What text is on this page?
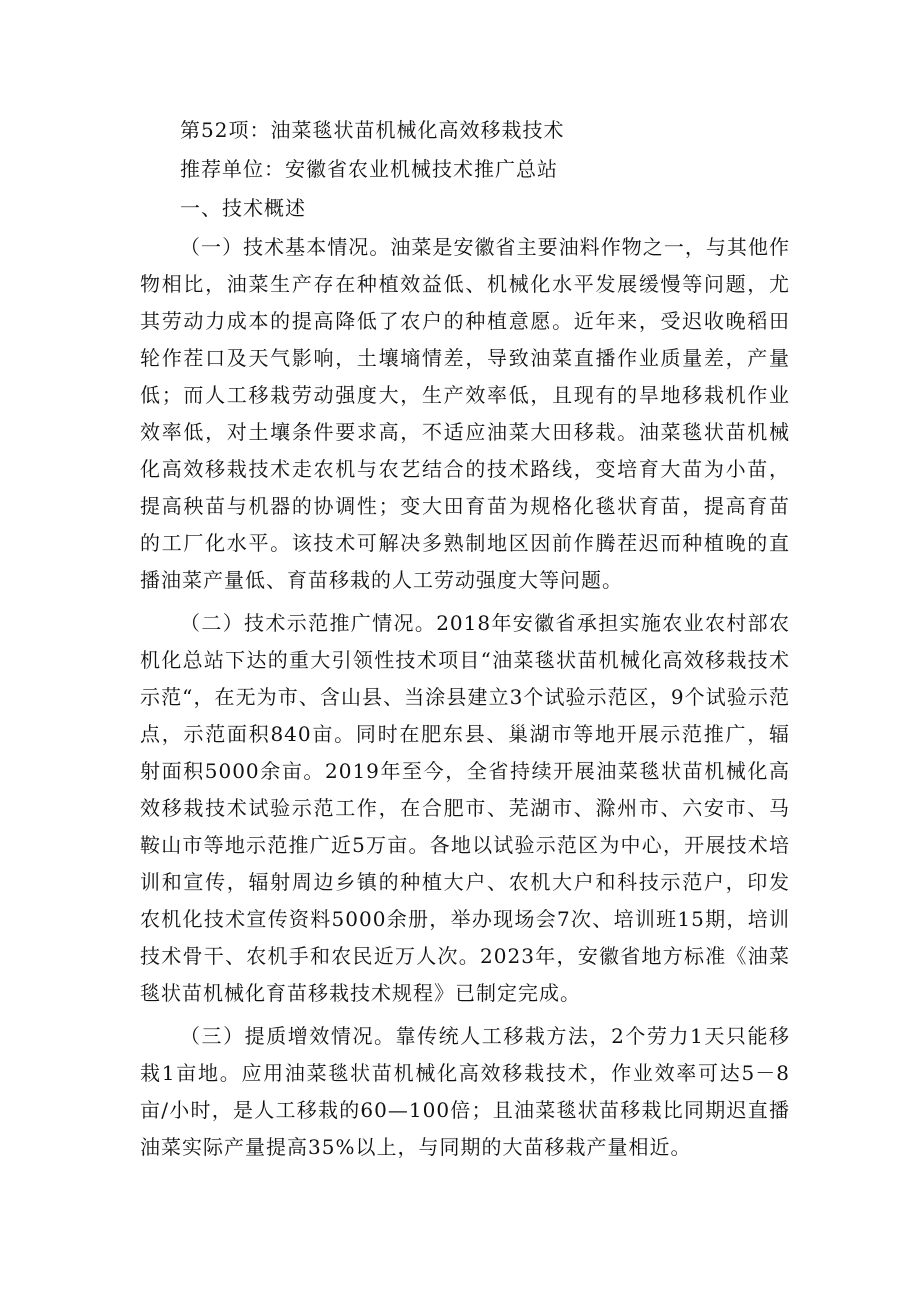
第52项：油菜毯状苗机械化高效移栽技术

推荐单位：安徽省农业机械技术推广总站

一、技术概述

（一）技术基本情况。油菜是安徽省主要油料作物之一，与其他作物相比，油菜生产存在种植效益低、机械化水平发展缓慢等问题，尤其劳动力成本的提高降低了农户的种植意愿。近年来，受迟收晚稻田轮作茬口及天气影响，土壤墒情差，导致油菜直播作业质量差，产量低；而人工移栽劳动强度大，生产效率低，且现有的旱地移栽机作业效率低，对土壤条件要求高，不适应油菜大田移栽。油菜毯状苗机械化高效移栽技术走农机与农艺结合的技术路线，变培育大苗为小苗，提高秧苗与机器的协调性；变大田育苗为规格化毯状育苗，提高育苗的工厂化水平。该技术可解决多熟制地区因前作腾茬迟而种植晚的直播油菜产量低、育苗移栽的人工劳动强度大等问题。

（二）技术示范推广情况。2018年安徽省承担实施农业农村部农机化总站下达的重大引领性技术项目“油菜毯状苗机械化高效移栽技术示范“，在无为市、含山县、当涂县建立3个试验示范区，9个试验示范点，示范面积840亩。同时在肥东县、巢湖市等地开展示范推广，辐射面积5000余亩。2019年至今，全省持续开展油菜毯状苗机械化高效移栽技术试验示范工作，在合肥市、芜湖市、滁州市、六安市、马鞍山市等地示范推广近5万亩。各地以试验示范区为中心，开展技术培训和宣传，辐射周边乡镇的种植大户、农机大户和科技示范户，印发农机化技术宣传资料5000余册，举办现场会7次、培训班15期，培训技术骨干、农机手和农民近万人次。2023年，安徽省地方标准《油菜毯状苗机械化育苗移栽技术规程》已制定完成。

（三）提质增效情况。靠传统人工移栽方法，2个劳力1天只能移栽1亩地。应用油菜毯状苗机械化高效移栽技术，作业效率可达5－8亩/小时，是人工移栽的60—100倍；且油菜毯状苗移栽比同期迟直播油菜实际产量提高35%以上，与同期的大苗移栽产量相近。
